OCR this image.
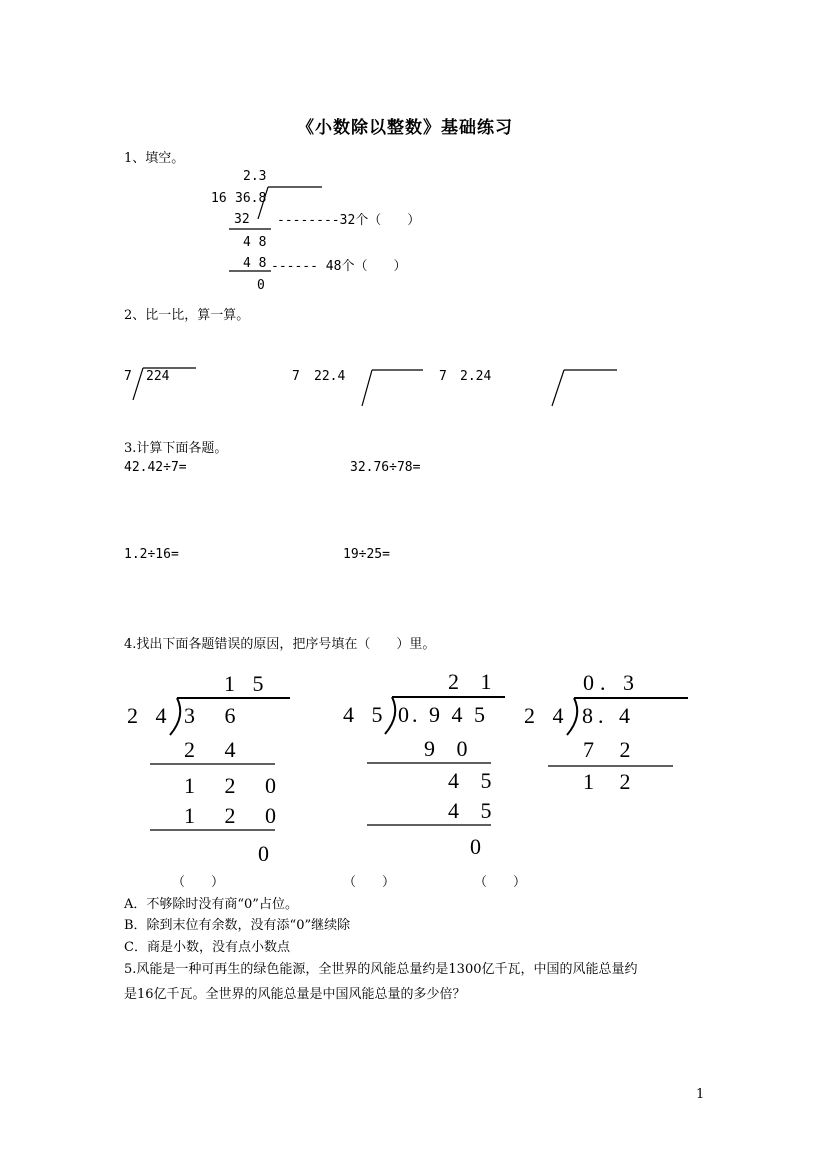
《小数除以整数》基础练习
1、填空。
2.3
16 36.8
32 --------32个（　　）
4 8
4 8 ------ 48个（　　）
0
2、比一比，算一算。
7 224	7 22.4	7 2.24
3.计算下面各题。
42.42÷7=	32.76÷78=
1.2÷16=	19÷25=
4.找出下面各题错误的原因，把序号填在（　　）里。
1 5
2 4 3 6
2 4
1 2 0
1 2 0
0
2 1
4 5 0. 9 4 5
9 0
4 5
4 5
0
0. 3
2 4 8. 4
7 2
1 2
（　　）	（　　）	（　　）
A．不够除时没有商“0”占位。
B．除到末位有余数，没有添“0”继续除
C．商是小数，没有点小数点
5.风能是一种可再生的绿色能源，全世界的风能总量约是1300亿千瓦，中国的风能总量约
是16亿千瓦。全世界的风能总量是中国风能总量的多少倍？
1
